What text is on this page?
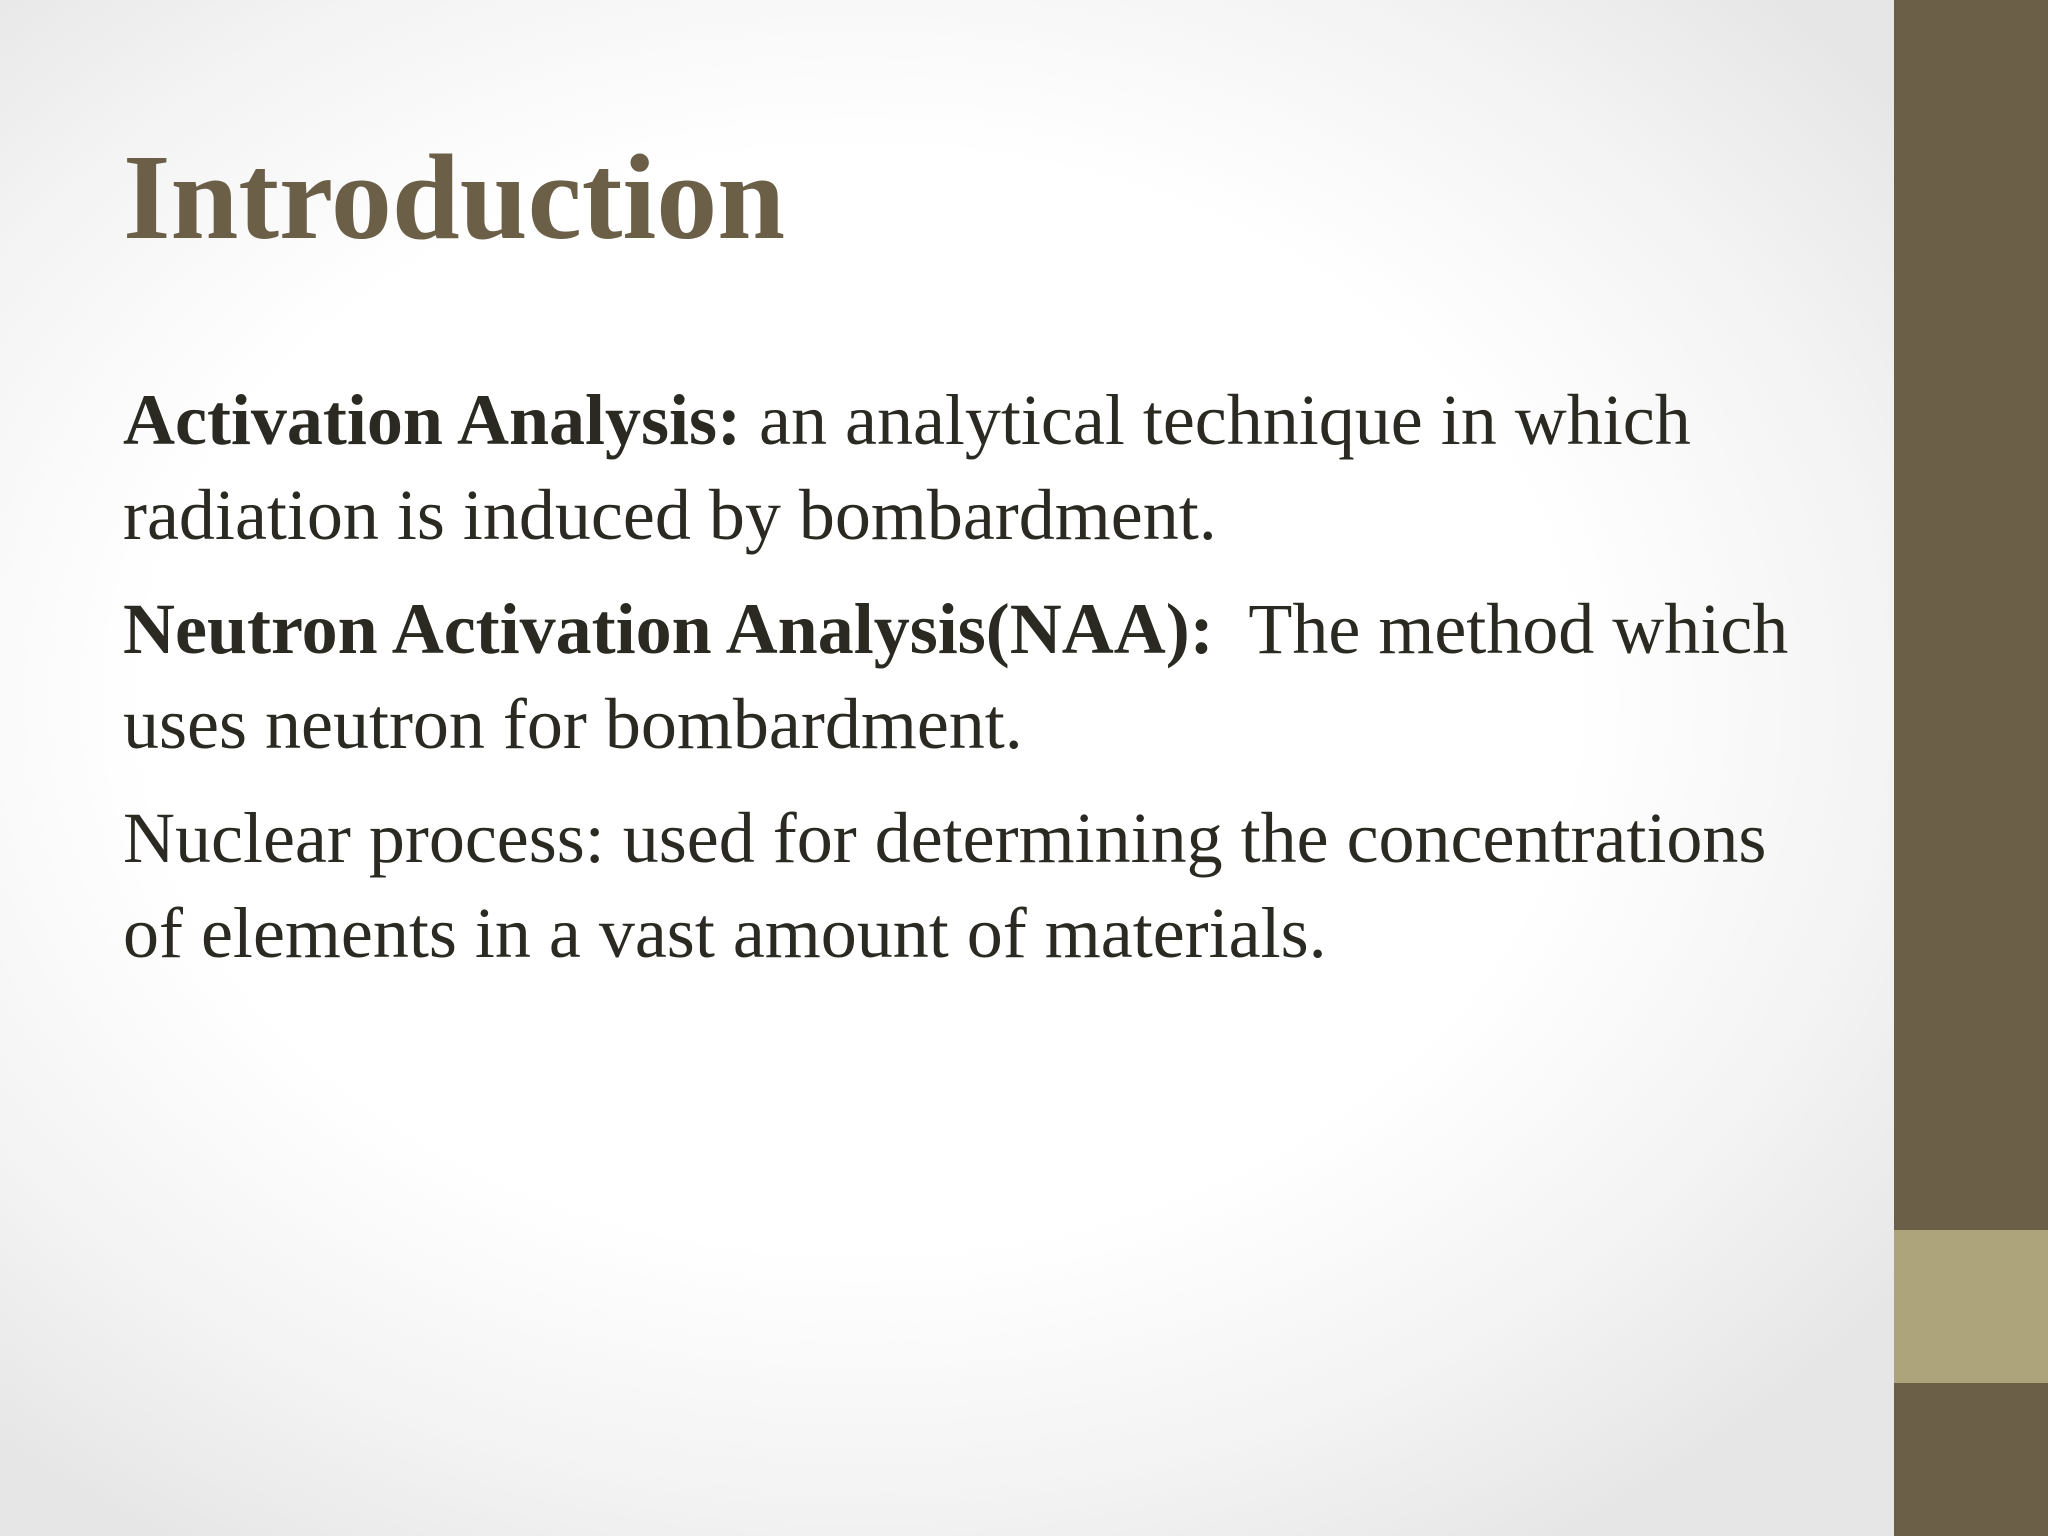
Introduction
Activation Analysis: an analytical technique in which radiation is induced by bombardment.
Neutron Activation Analysis(NAA):  The method which uses neutron for bombardment.
Nuclear process: used for determining the concentrations of elements in a vast amount of materials.
